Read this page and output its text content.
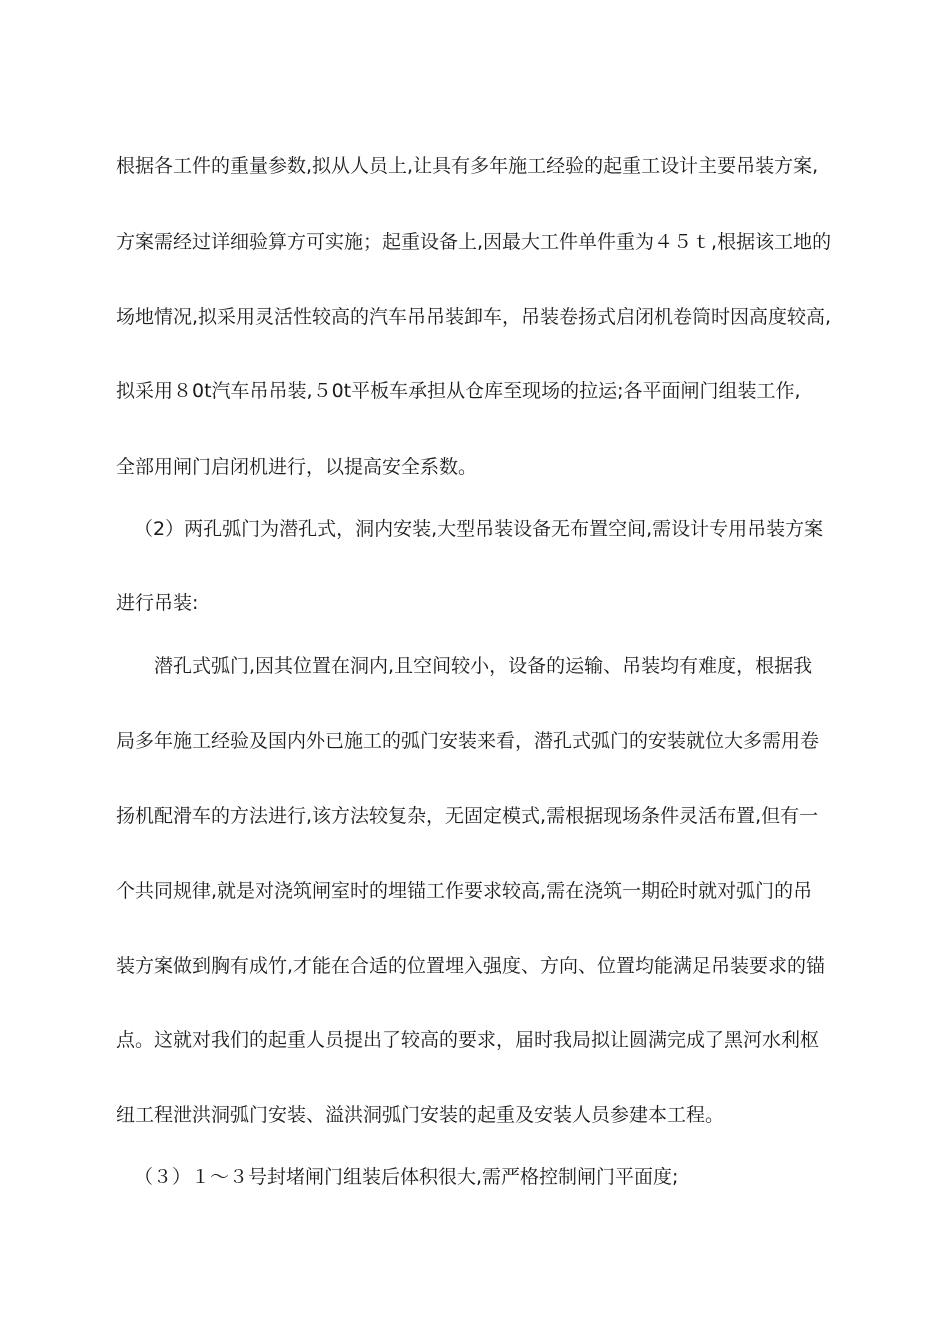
根据各工件的重量参数,拟从人员上,让具有多年施工经验的起重工设计主要吊装方案,
方案需经过详细验算方可实施；起重设备上,因最大工件单件重为４５ｔ,根据该工地的
场地情况,拟采用灵活性较高的汽车吊吊装卸车，吊装卷扬式启闭机卷筒时因高度较高,
拟采用８0t汽车吊吊装,５0t平板车承担从仓库至现场的拉运;各平面闸门组装工作,
全部用闸门启闭机进行，以提高安全系数。
（2）两孔弧门为潜孔式，洞内安装,大型吊装设备无布置空间,需设计专用吊装方案
进行吊装:
潜孔式弧门,因其位置在洞内,且空间较小，设备的运输、吊装均有难度，根据我
局多年施工经验及国内外已施工的弧门安装来看，潜孔式弧门的安装就位大多需用卷
扬机配滑车的方法进行,该方法较复杂，无固定模式,需根据现场条件灵活布置,但有一
个共同规律,就是对浇筑闸室时的埋锚工作要求较高,需在浇筑一期砼时就对弧门的吊
装方案做到胸有成竹,才能在合适的位置埋入强度、方向、位置均能满足吊装要求的锚
点。这就对我们的起重人员提出了较高的要求，届时我局拟让圆满完成了黑河水利枢
纽工程泄洪洞弧门安装、溢洪洞弧门安装的起重及安装人员参建本工程。
（３）１～３号封堵闸门组装后体积很大,需严格控制闸门平面度;
